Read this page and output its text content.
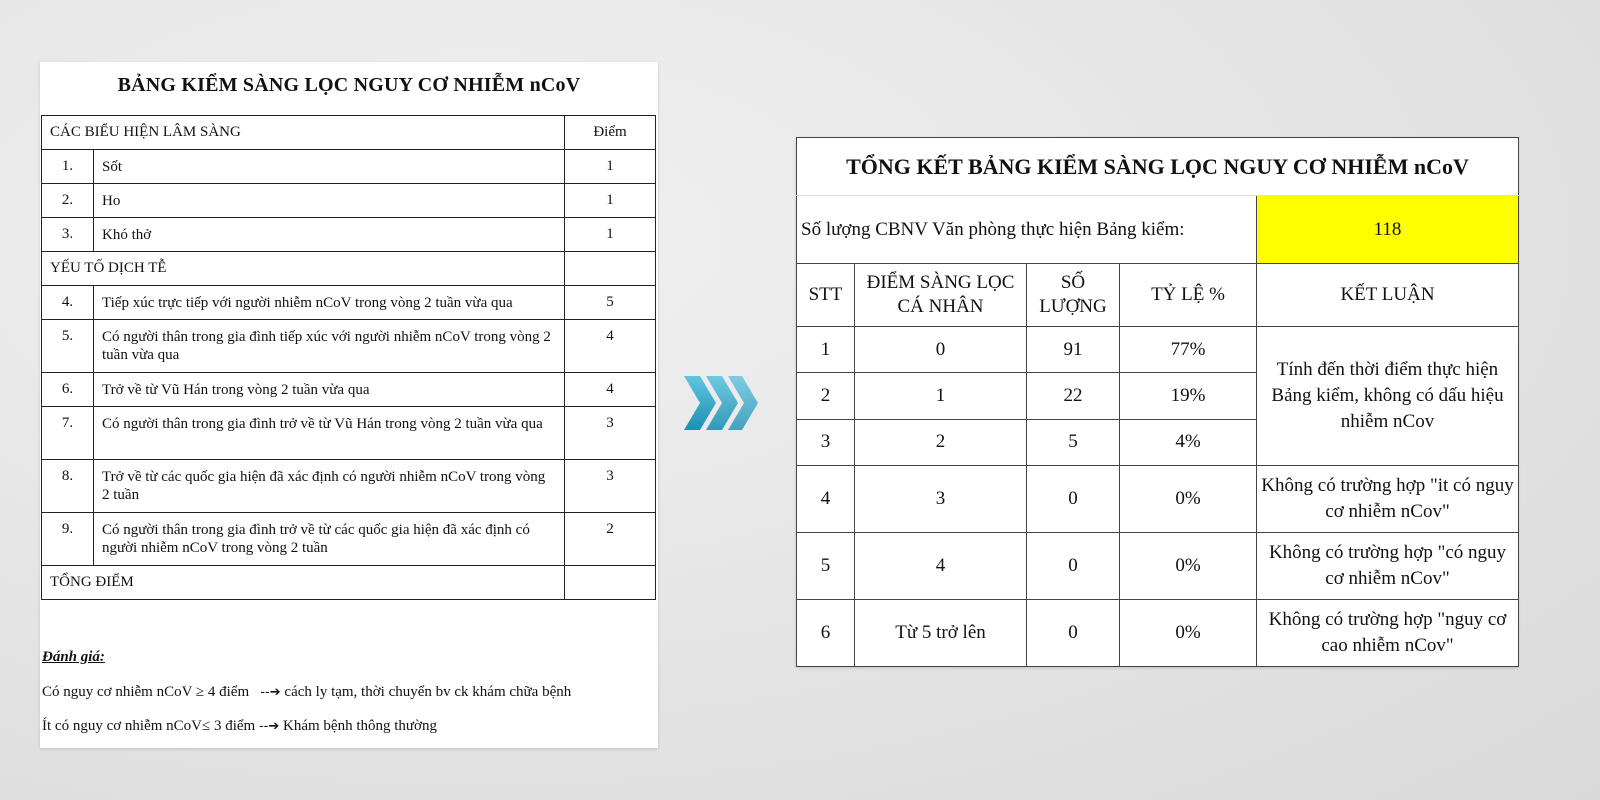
BẢNG KIỂM SÀNG LỌC NGUY CƠ NHIỄM nCoV
CÁC BIỂU HIỆN LÂM SÀNG		Điểm
1.	Sốt	1
2.	Ho	1
3.	Khó thở	1
YẾU TỐ DỊCH TỄ		
4.	Tiếp xúc trực tiếp với người nhiễm nCoV trong vòng 2 tuần vừa qua	5
5.	Có người thân trong gia đình tiếp xúc với người nhiễm nCoV trong vòng 2 tuần vừa qua	4
6.	Trở về từ Vũ Hán trong vòng 2 tuần vừa qua	4
7.	Có người thân trong gia đình trở về từ Vũ Hán trong vòng 2 tuần vừa qua	3
8.	Trở về từ các quốc gia hiện đã xác định có người nhiễm nCoV trong vòng 2 tuần	3
9.	Có người thân trong gia đình trở về từ các quốc gia hiện đã xác định có người nhiễm nCoV trong vòng 2 tuần	2
TỔNG ĐIỂM		
Đánh giá:
Có nguy cơ nhiễm nCoV ≥ 4 điểm --➔ cách ly tạm, thời chuyển bv ck khám chữa bệnh
Ít có nguy cơ nhiễm nCoV≤ 3 điểm --➔ Khám bệnh thông thường
TỔNG KẾT BẢNG KIỂM SÀNG LỌC NGUY CƠ NHIỄM nCoV				
Số lượng CBNV Văn phòng thực hiện Bảng kiểm:				118
STT	ĐIỂM SÀNG LỌC CÁ NHÂN	SỐ LƯỢNG	TỶ LỆ %	KẾT LUẬN
1	0	91	77%	Tính đến thời điểm thực hiện Bảng kiểm, không có dấu hiệu nhiễm nCov
2	1	22	19%	
3	2	5	4%	
4	3	0	0%	Không có trường hợp "it có nguy cơ nhiễm nCov"
5	4	0	0%	Không có trường hợp "có nguy cơ nhiễm nCov"
6	Từ 5 trở lên	0	0%	Không có trường hợp "nguy cơ cao nhiễm nCov"
